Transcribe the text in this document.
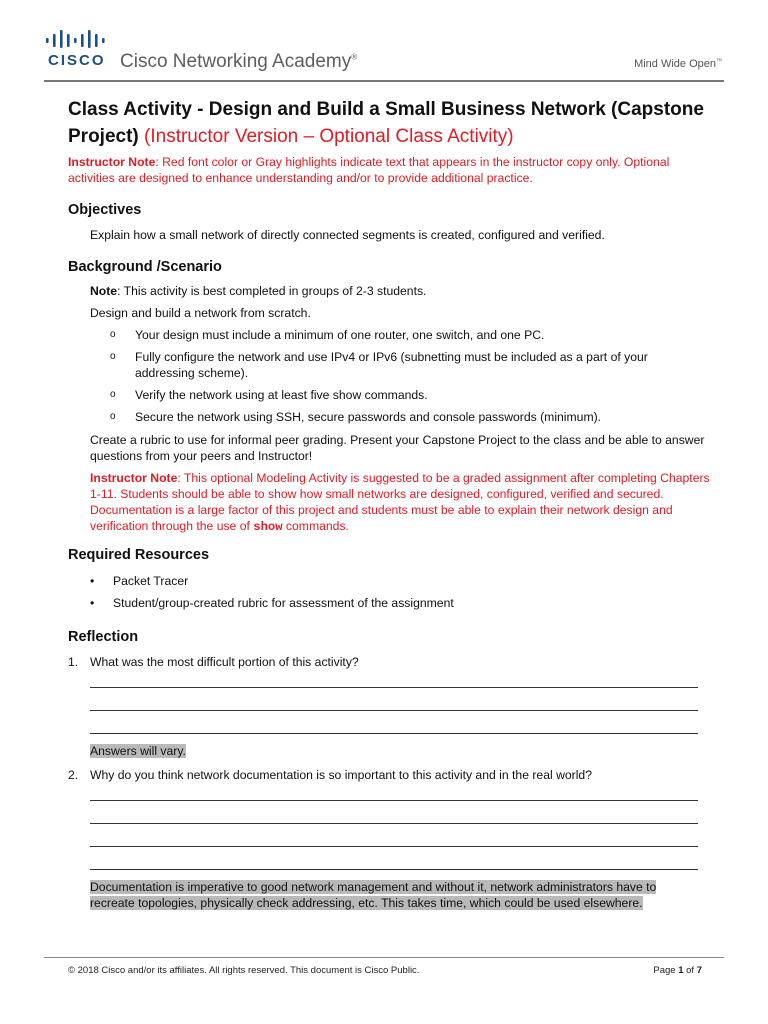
CISCO Cisco Networking Academy®
Mind Wide Open™
Class Activity - Design and Build a Small Business Network (Capstone Project) (Instructor Version – Optional Class Activity)
Instructor Note: Red font color or Gray highlights indicate text that appears in the instructor copy only. Optional activities are designed to enhance understanding and/or to provide additional practice.
Objectives

Explain how a small network of directly connected segments is created, configured and verified.

Background /Scenario

Note: This activity is best completed in groups of 2-3 students.

Design and build a network from scratch.

o Your design must include a minimum of one router, one switch, and one PC.
o Fully configure the network and use IPv4 or IPv6 (subnetting must be included as a part of your addressing scheme).
o Verify the network using at least five show commands.
o Secure the network using SSH, secure passwords and console passwords (minimum).

Create a rubric to use for informal peer grading. Present your Capstone Project to the class and be able to answer questions from your peers and Instructor!

Instructor Note: This optional Modeling Activity is suggested to be a graded assignment after completing Chapters 1-11. Students should be able to show how small networks are designed, configured, verified and secured. Documentation is a large factor of this project and students must be able to explain their network design and verification through the use of show commands.

Required Resources
• Packet Tracer
• Student/group-created rubric for assessment of the assignment
Reflection
1. What was the most difficult portion of this activity?
Answers will vary.
2. Why do you think network documentation is so important to this activity and in the real world?
Documentation is imperative to good network management and without it, network administrators have to recreate topologies, physically check addressing, etc. This takes time, which could be used elsewhere.
© 2018 Cisco and/or its affiliates. All rights reserved. This document is Cisco Public.	Page 1 of 7
